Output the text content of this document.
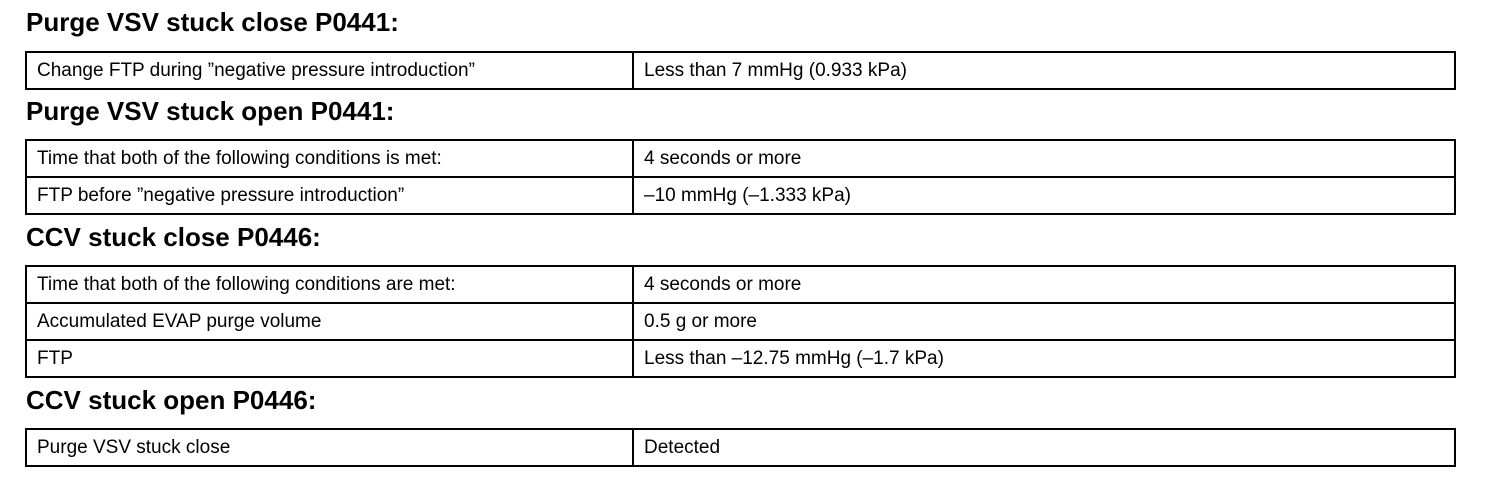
Purge VSV stuck close P0441:
Change FTP during ”negative pressure introduction”	Less than 7 mmHg (0.933 kPa)
Purge VSV stuck open P0441:
Time that both of the following conditions is met:	4 seconds or more
FTP before ”negative pressure introduction”	–10 mmHg (–1.333 kPa)
CCV stuck close P0446:
Time that both of the following conditions are met:	4 seconds or more
Accumulated EVAP purge volume	0.5 g or more
FTP	Less than –12.75 mmHg (–1.7 kPa)
CCV stuck open P0446:
Purge VSV stuck close	Detected
